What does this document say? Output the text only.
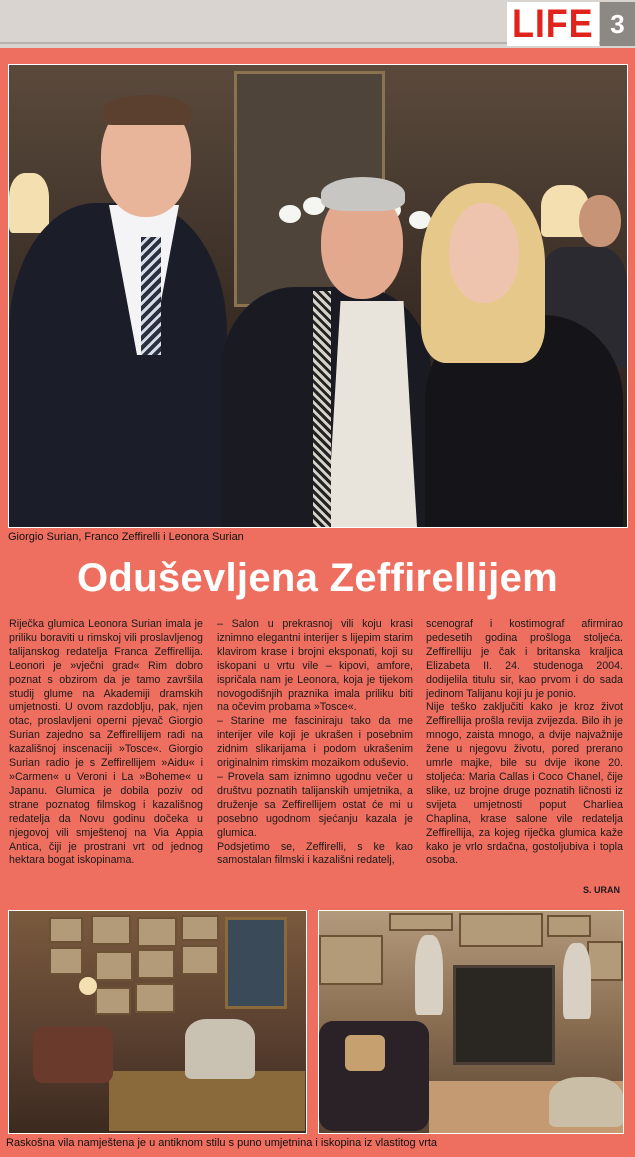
LIFE 3
Giorgio Surian, Franco Zeffirelli i Leonora Surian
Oduševljena Zeffirellijem

Riječka glumica Leonora Surian imala je priliku boraviti u rimskoj vili proslavljenog talijanskog redatelja Franca Zeffirellija. Leonori je »vječni grad« Rim dobro poznat s obzirom da je tamo završila studij glume na Akademiji dramskih umjetnosti. U ovom razdoblju, pak, njen otac, proslavljeni operni pjevač Giorgio Surian zajedno sa Zeffirellijem radi na kazališnoj inscenaciji »Tosce«. Giorgio Surian radio je s Zeffirellijem »Aidu« i »Carmen« u Veroni i La »Boheme« u Japanu. Glumica je dobila poziv od strane poznatog filmskog i kazališnog redatelja da Novu godinu dočeka u njegovoj vili smještenoj na Via Appia Antica, čiji je prostrani vrt od jednog hektara bogat iskopinama.

– Salon u prekrasnoj vili koju krasi iznimno elegantni interijer s lijepim starim klavirom krase i brojni eksponati, koji su iskopani u vrtu vile – kipovi, amfore, ispričala nam je Leonora, koja je tijekom novogodišnjih praznika imala priliku biti na očevim probama »Tosce«.

– Starine me fasciniraju tako da me interijer vile koji je ukrašen i posebnim zidnim slikarijama i podom ukrašenim originalnim rimskim mozaikom oduševio.

– Provela sam iznimno ugodnu večer u društvu poznatih talijanskih umjetnika, a druženje sa Zeffirellijem ostat će mi u posebno ugodnom sjećanju kazala je glumica.

Podsjetimo se, Zeffirelli, s ke kao samostalan filmski i kazališni redatelj,

scenograf i kostimograf afirmirao pedesetih godina prošloga stoljeća. Zeffirelliju je čak i britanska kraljica Elizabeta II. 24. studenoga 2004. dodijelila titulu sir, kao prvom i do sada jedinom Talijanu koji ju je ponio.

Nije teško zaključiti kako je kroz život Zeffirellija prošla revija zvijezda. Bilo ih je mnogo, zaista mnogo, a dvije najvažnije žene u njegovu životu, pored prerano umrle majke, bile su dvije ikone 20. stoljeća: Maria Callas i Coco Chanel, čije slike, uz brojne druge poznatih ličnosti iz svijeta umjetnosti poput Charliea Chaplina, krase salone vile redatelja Zeffirellija, za kojeg riječka glumica kaže kako je vrlo srdačna, gostoljubiva i topla osoba.

S. URAN
Raskošna vila namještena je u antiknom stilu s puno umjetnina i iskopina iz vlastitog vrta
